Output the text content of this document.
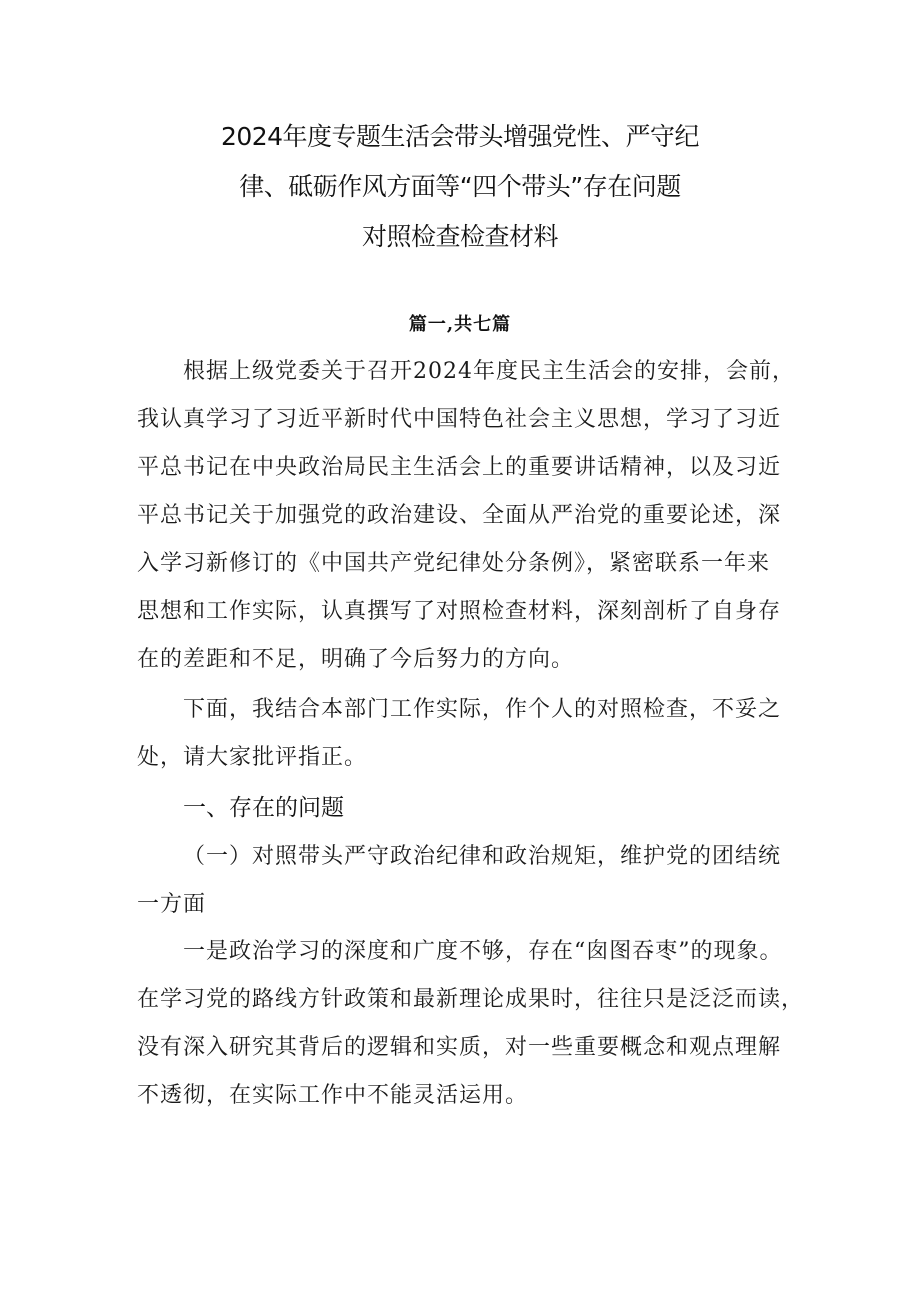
2024年度专题生活会带头增强党性、严守纪
律、砥砺作风方面等“四个带头”存在问题
对照检查检查材料
篇一,共七篇
根据上级党委关于召开2024年度民主生活会的安排，会前，
我认真学习了习近平新时代中国特色社会主义思想，学习了习近
平总书记在中央政治局民主生活会上的重要讲话精神，以及习近
平总书记关于加强党的政治建设、全面从严治党的重要论述，深
入学习新修订的《中国共产党纪律处分条例》，紧密联系一年来
思想和工作实际，认真撰写了对照检查材料，深刻剖析了自身存
在的差距和不足，明确了今后努力的方向。
下面，我结合本部门工作实际，作个人的对照检查，不妥之
处，请大家批评指正。
一、存在的问题
（一）对照带头严守政治纪律和政治规矩，维护党的团结统
一方面
一是政治学习的深度和广度不够，存在“囱图吞枣”的现象。
在学习党的路线方针政策和最新理论成果时，往往只是泛泛而读，
没有深入研究其背后的逻辑和实质，对一些重要概念和观点理解
不透彻，在实际工作中不能灵活运用。
